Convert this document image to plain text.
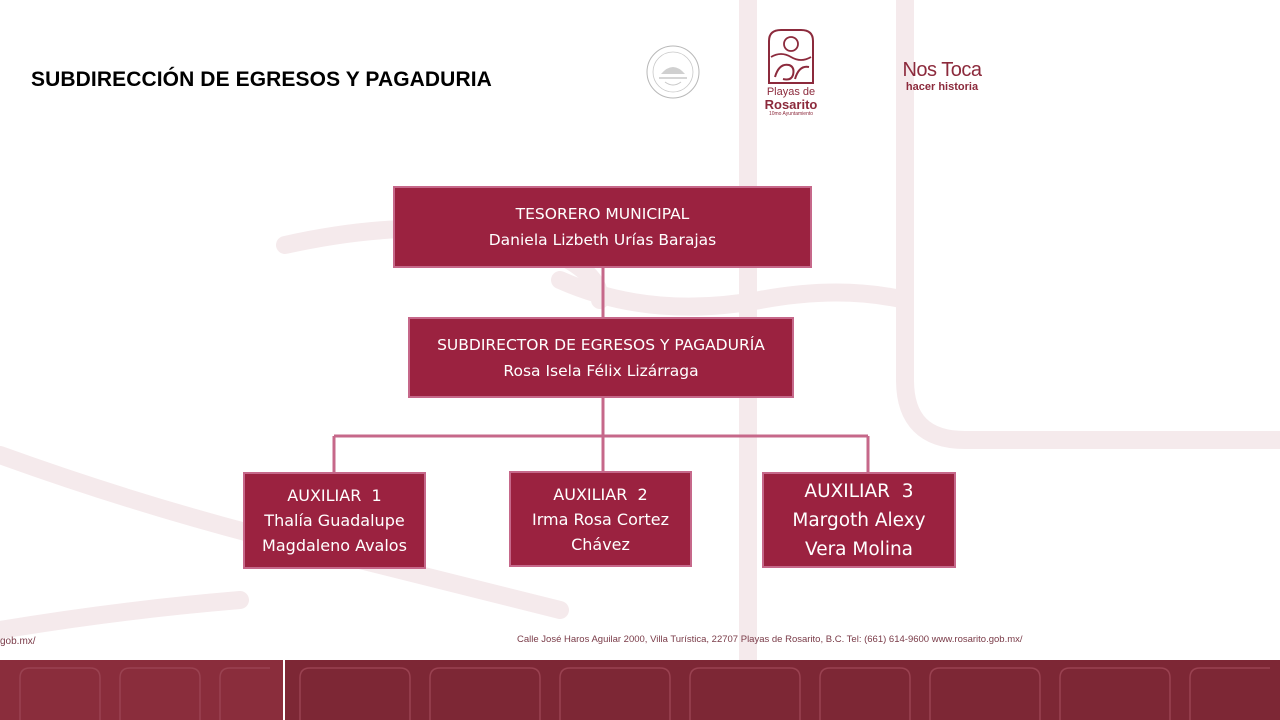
SUBDIRECCIÓN DE EGRESOS Y PAGADURIA
Playas de
Rosarito
10mo Ayuntamiento
Nos Toca
hacer historia
TESORERO MUNICIPAL
Daniela Lizbeth Urías Barajas
SUBDIRECTOR DE EGRESOS Y PAGADURÍA
Rosa Isela Félix Lizárraga
AUXILIAR  1
Thalía Guadalupe
Magdaleno Avalos
AUXILIAR  2
Irma Rosa Cortez
Chávez
AUXILIAR  3
Margoth Alexy
Vera Molina
gob.mx/	Calle José Haros Aguilar 2000, Villa Turística, 22707 Playas de Rosarito, B.C. Tel: (661) 614-9600 www.rosarito.gob.mx/
